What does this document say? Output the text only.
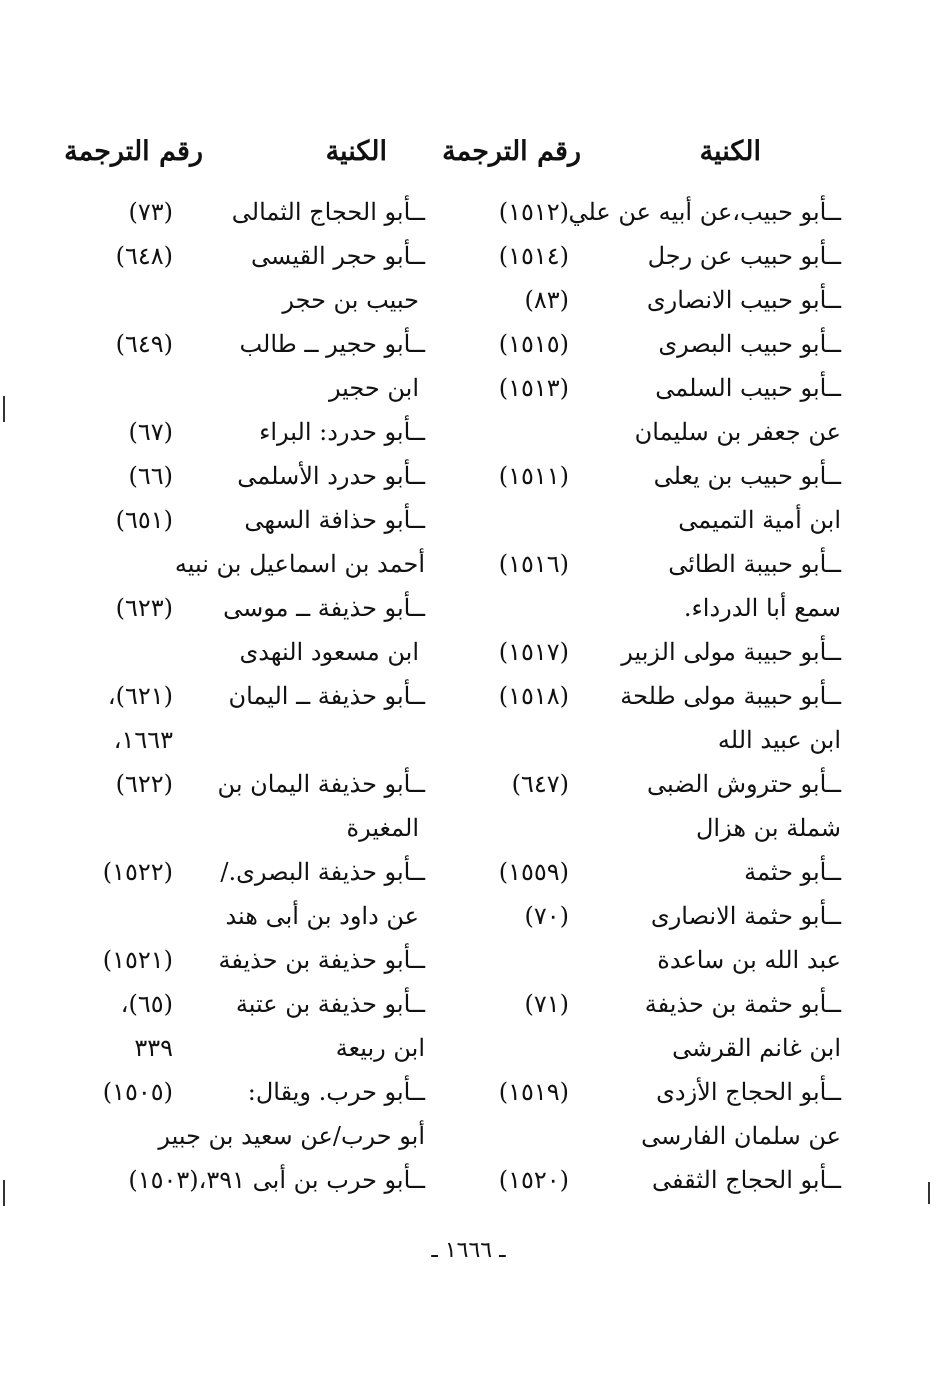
الكنية
رقم الترجمة
الكنية
رقم الترجمة
ــأبو حبيب،عن أبيه عن علي
(١٥١٢)
ــأبو حبيب عن رجل
(١٥١٤)
ــأبو حبيب الانصارى
(٨٣)
ــأبو حبيب البصرى
(١٥١٥)
ــأبو حبيب السلمى
(١٥١٣)
عن جعفر بن سليمان
ــأبو حبيب بن يعلى
(١٥١١)
ابن أمية التميمى
ــأبو حبيبة الطائى
(١٥١٦)
سمع أبا الدرداء.
ــأبو حبيبة مولى الزبير
(١٥١٧)
ــأبو حبيبة مولى طلحة
(١٥١٨)
ابن عبيد الله
ــأبو حتروش الضبى
(٦٤٧)
شملة بن هزال
ــأبو حثمة
(١٥٥٩)
ــأبو حثمة الانصارى
(٧٠)
عبد الله بن ساعدة
ــأبو حثمة بن حذيفة
(٧١)
ابن غانم القرشى
ــأبو الحجاج الأزدى
(١٥١٩)
عن سلمان الفارسى
ــأبو الحجاج الثقفى
(١٥٢٠)
ــأبو الحجاج الثمالى
(٧٣)
ــأبو حجر القيسى
(٦٤٨)
حبيب بن حجر
ــأبو حجير ــ طالب
(٦٤٩)
ابن حجير
ــأبو حدرد: البراء
(٦٧)
ــأبو حدرد الأسلمى
(٦٦)
ــأبو حذافة السهى
(٦٥١)
أحمد بن اسماعيل بن نبيه
ــأبو حذيفة ــ موسى
(٦٢٣)
ابن مسعود النهدى
ــأبو حذيفة ــ اليمان
(٦٢١)،
١٦٦٣،
ــأبو حذيفة اليمان بن
(٦٢٢)
المغيرة
ــأبو حذيفة البصرى./
(١٥٢٢)
عن داود بن أبى هند
ــأبو حذيفة بن حذيفة
(١٥٢١)
ــأبو حذيفة بن عتبة
(٦٥)،
ابن ربيعة
٣٣٩
ــأبو حرب. ويقال:
(١٥٠٥)
أبو حرب/عن سعيد بن جبير
ــأبو حرب بن أبى ٣٩١،(١٥٠٣)
ـ ١٦٦٦ ـ
